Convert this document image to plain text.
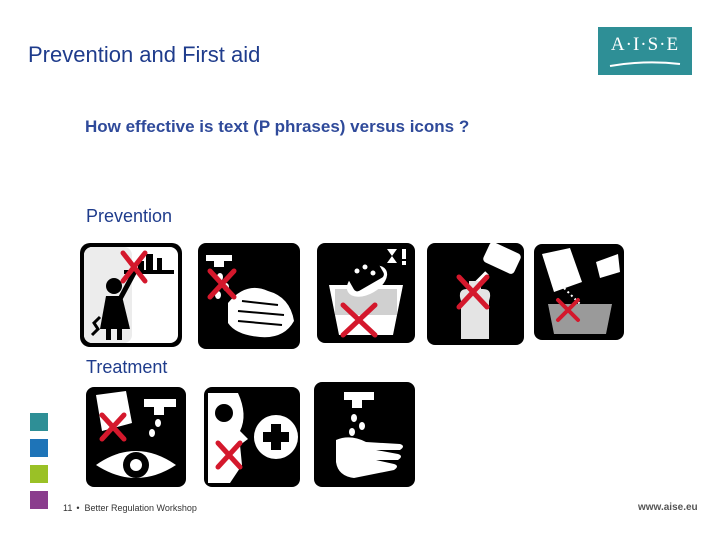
Prevention and First aid	A·I·S·E
How effective is text (P phrases) versus icons ?
Prevention
Treatment
11 • Better Regulation Workshop	www.aise.eu
